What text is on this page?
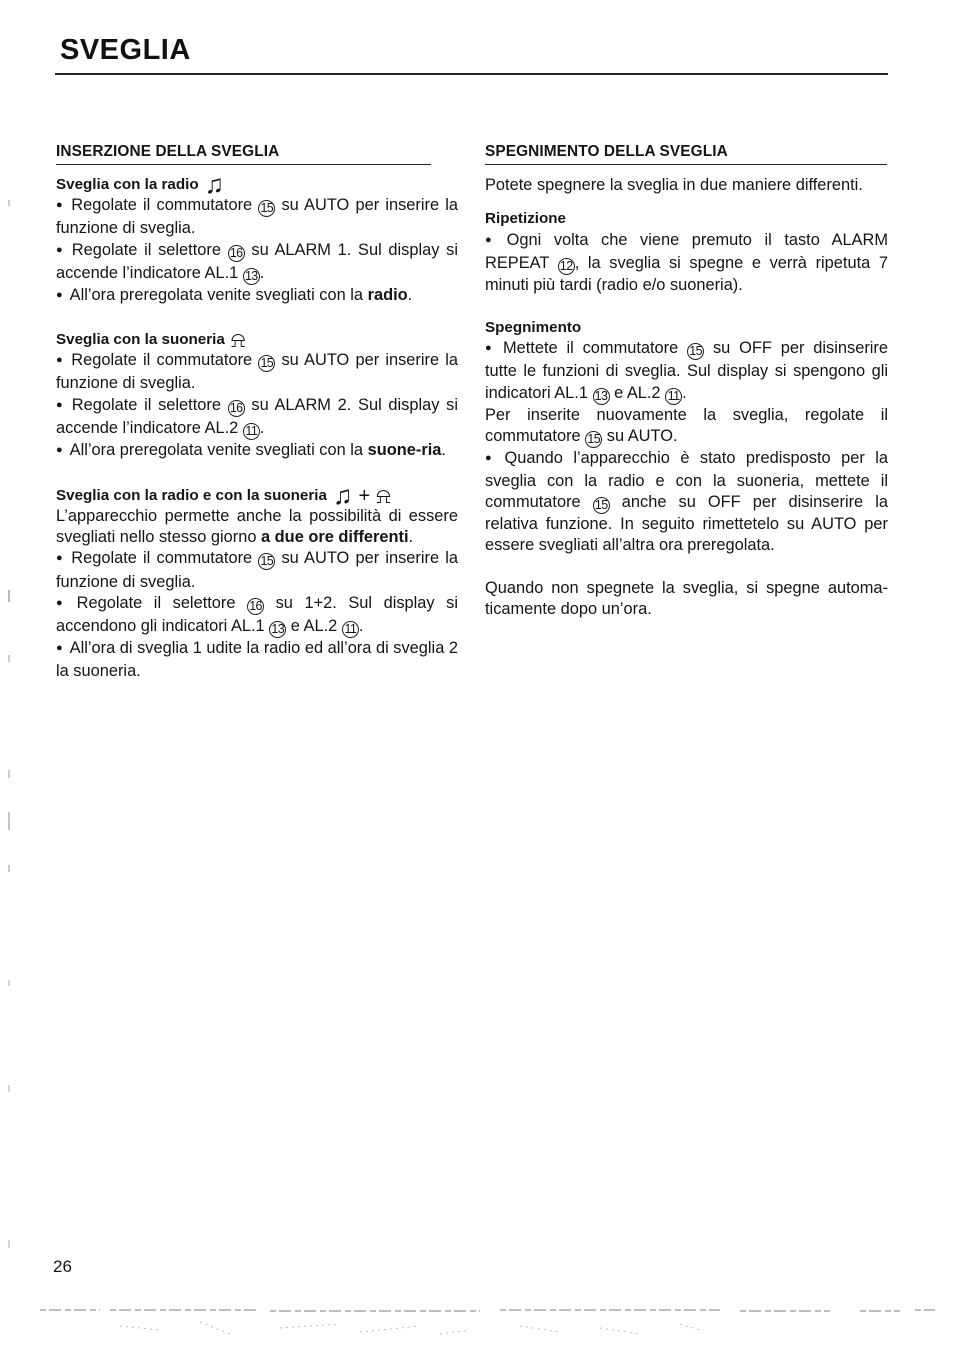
SVEGLIA
INSERZIONE DELLA SVEGLIA
Sveglia con la radio ♫
● Regolate il commutatore 15 su AUTO per inserire la funzione di sveglia.
● Regolate il selettore 16 su ALARM 1. Sul display si accende l’indicatore AL.1 13 .
● All’ora preregolata venite svegliati con la radio.
Sveglia con la suoneria ⍾
● Regolate il commutatore 15 su AUTO per inserire la funzione di sveglia.
● Regolate il selettore 16 su ALARM 2. Sul display si accende l’indicatore AL.2 11 .
● All’ora preregolata venite svegliati con la suone-ria.
Sveglia con la radio e con la suoneria ♫ + ⍾
L’apparecchio permette anche la possibilità di essere svegliati nello stesso giorno a due ore differenti.
● Regolate il commutatore 15 su AUTO per inserire la funzione di sveglia.
● Regolate il selettore 16 su 1+2. Sul display si accendono gli indicatori AL.1 13 e AL.2 11 .
● All’ora di sveglia 1 udite la radio ed all’ora di sveglia 2 la suoneria.
SPEGNIMENTO DELLA SVEGLIA
Potete spegnere la sveglia in due maniere differenti.
Ripetizione
● Ogni volta che viene premuto il tasto ALARM REPEAT 12 , la sveglia si spegne e verrà ripetuta 7 minuti più tardi (radio e/o suoneria).
Spegnimento
● Mettete il commutatore 15 su OFF per disinserire tutte le funzioni di sveglia. Sul display si spengono gli indicatori AL.1 13 e AL.2 11 .
Per inserite nuovamente la sveglia, regolate il commutatore 15 su AUTO.
● Quando l’apparecchio è stato predisposto per la sveglia con la radio e con la suoneria, mettete il commutatore 15 anche su OFF per disinserire la relativa funzione. In seguito rimettetelo su AUTO per essere svegliati all’altra ora preregolata.
Quando non spegnete la sveglia, si spegne automa-ticamente dopo un’ora.
26
